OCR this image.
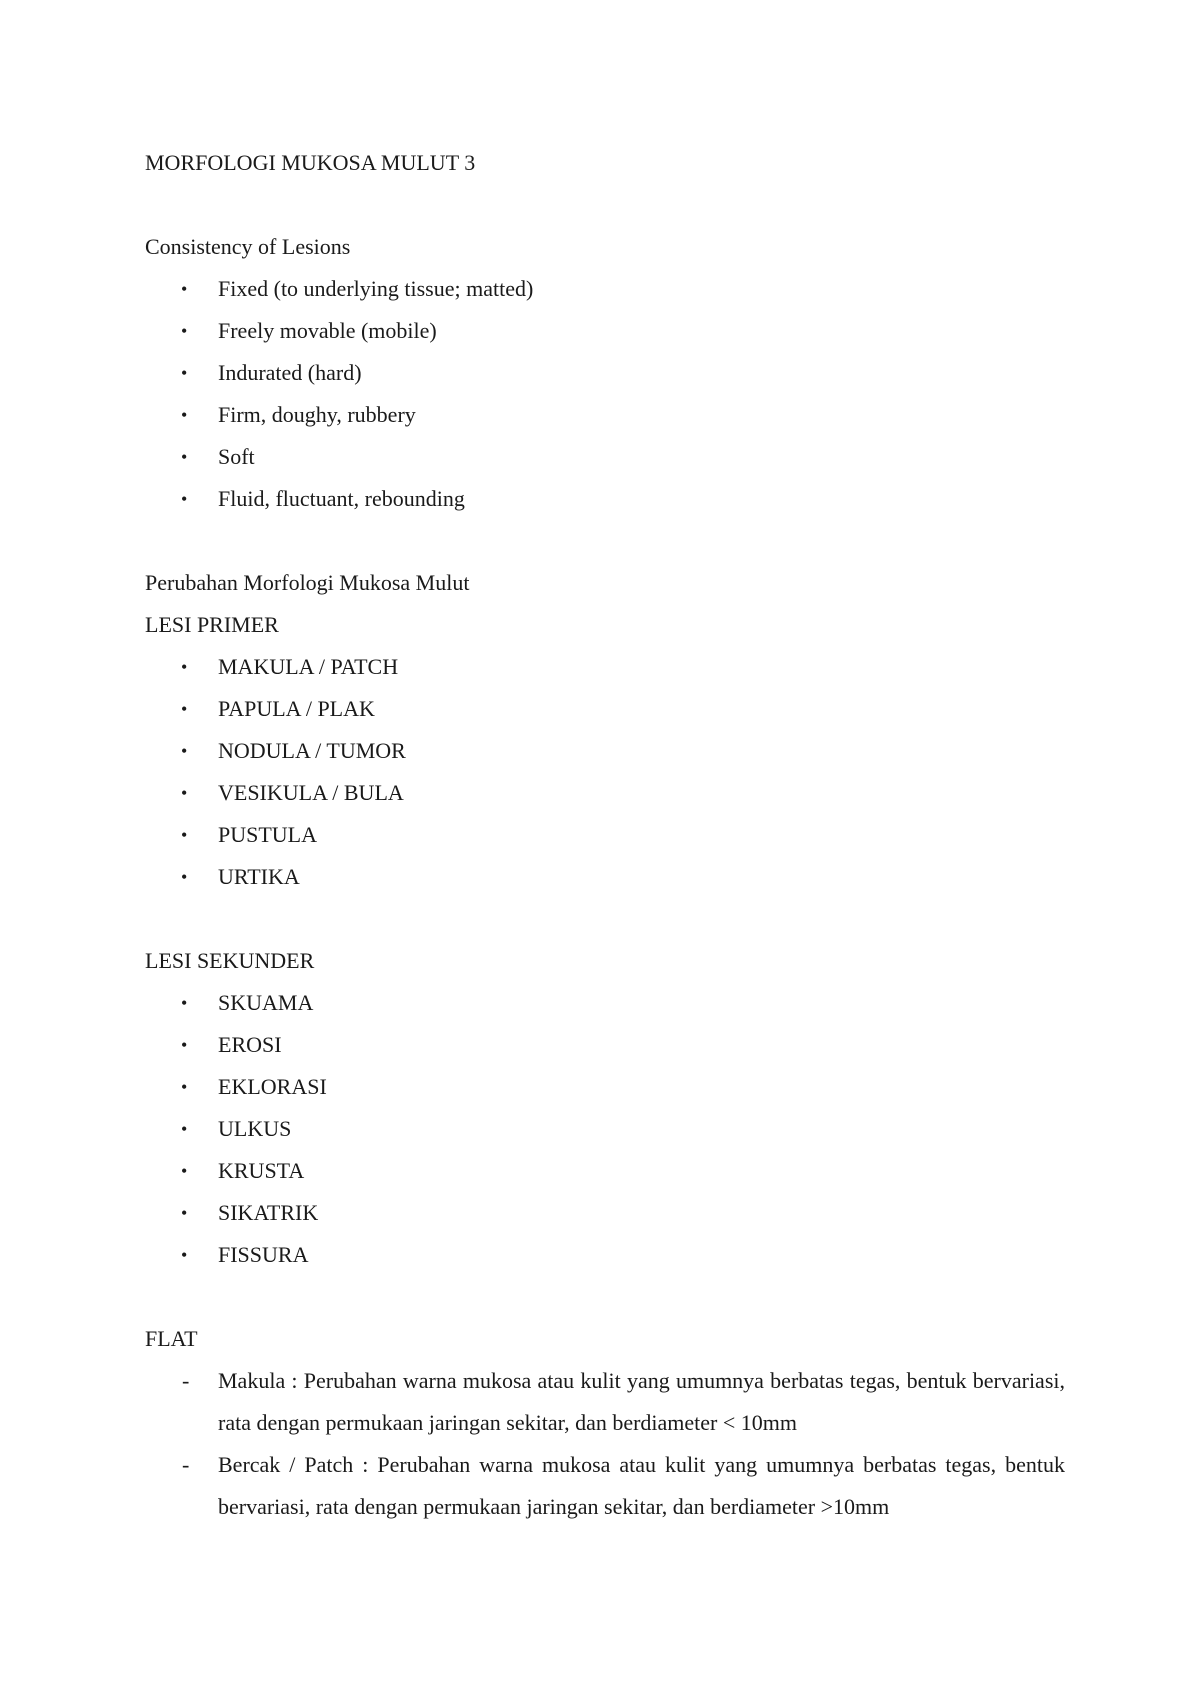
MORFOLOGI MUKOSA MULUT 3

Consistency of Lesions

• Fixed (to underlying tissue; matted)
• Freely movable (mobile)
• Indurated (hard)
• Firm, doughy, rubbery
• Soft
• Fluid, fluctuant, rebounding

Perubahan Morfologi Mukosa Mulut

LESI PRIMER

• MAKULA / PATCH
• PAPULA / PLAK
• NODULA / TUMOR
• VESIKULA / BULA
• PUSTULA
• URTIKA

LESI SEKUNDER

• SKUAMA
• EROSI
• EKLORASI
• ULKUS
• KRUSTA
• SIKATRIK
• FISSURA

FLAT

- Makula : Perubahan warna mukosa atau kulit yang umumnya berbatas tegas, bentuk bervariasi, rata dengan permukaan jaringan sekitar, dan berdiameter < 10mm
- Bercak / Patch : Perubahan warna mukosa atau kulit yang umumnya berbatas tegas, bentuk bervariasi, rata dengan permukaan jaringan sekitar, dan berdiameter >10mm
